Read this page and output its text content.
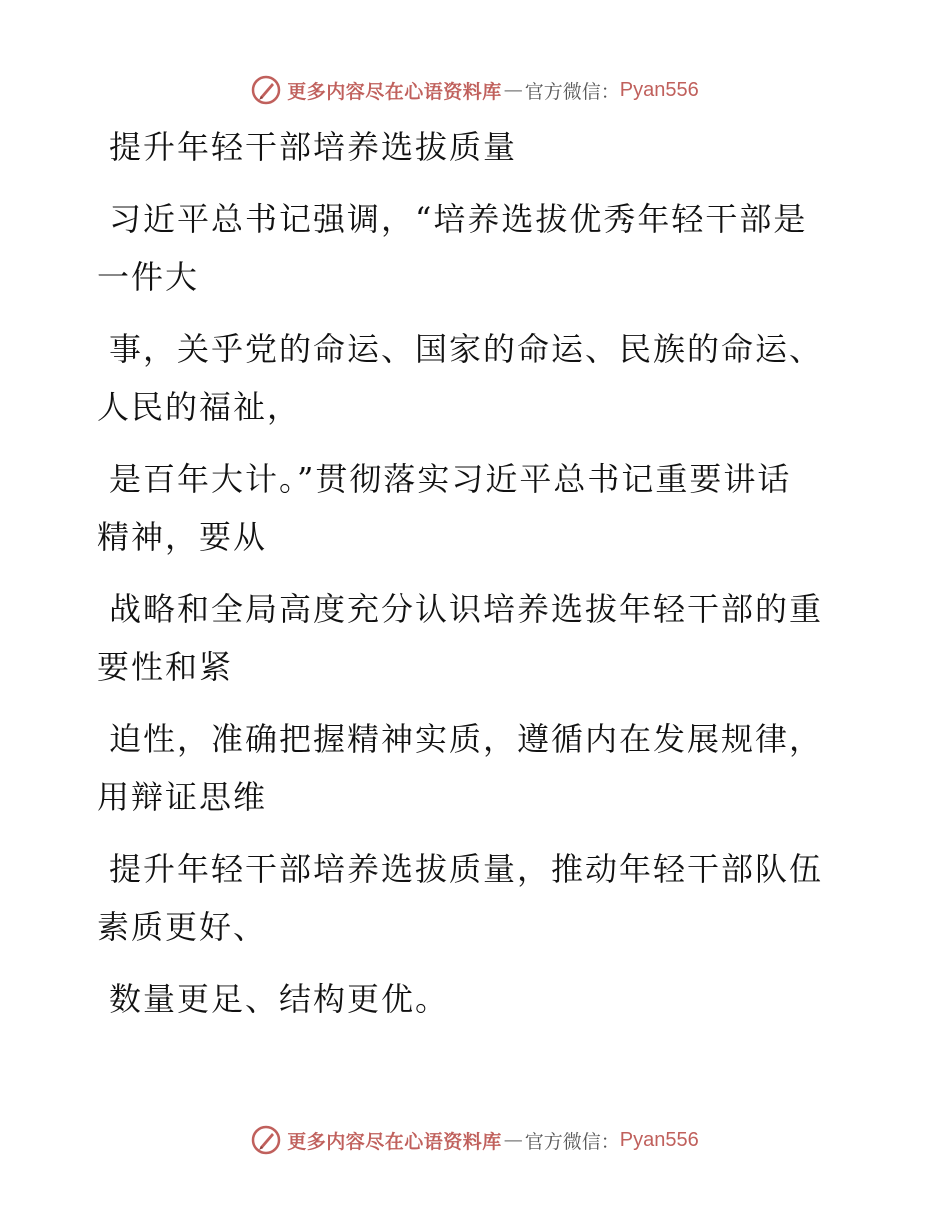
更多内容尽在心语资料库 — 官方微信： Pyan556
提升年轻干部培养选拔质量
习近平总书记强调，“培养选拔优秀年轻干部是
一件大
事，关乎党的命运、国家的命运、民族的命运、
人民的福祉，
是百年大计。”贯彻落实习近平总书记重要讲话
精神，要从
战略和全局高度充分认识培养选拔年轻干部的重
要性和紧
迫性，准确把握精神实质，遵循内在发展规律，
用辩证思维
提升年轻干部培养选拔质量，推动年轻干部队伍
素质更好、
数量更足、结构更优。
更多内容尽在心语资料库 — 官方微信： Pyan556
